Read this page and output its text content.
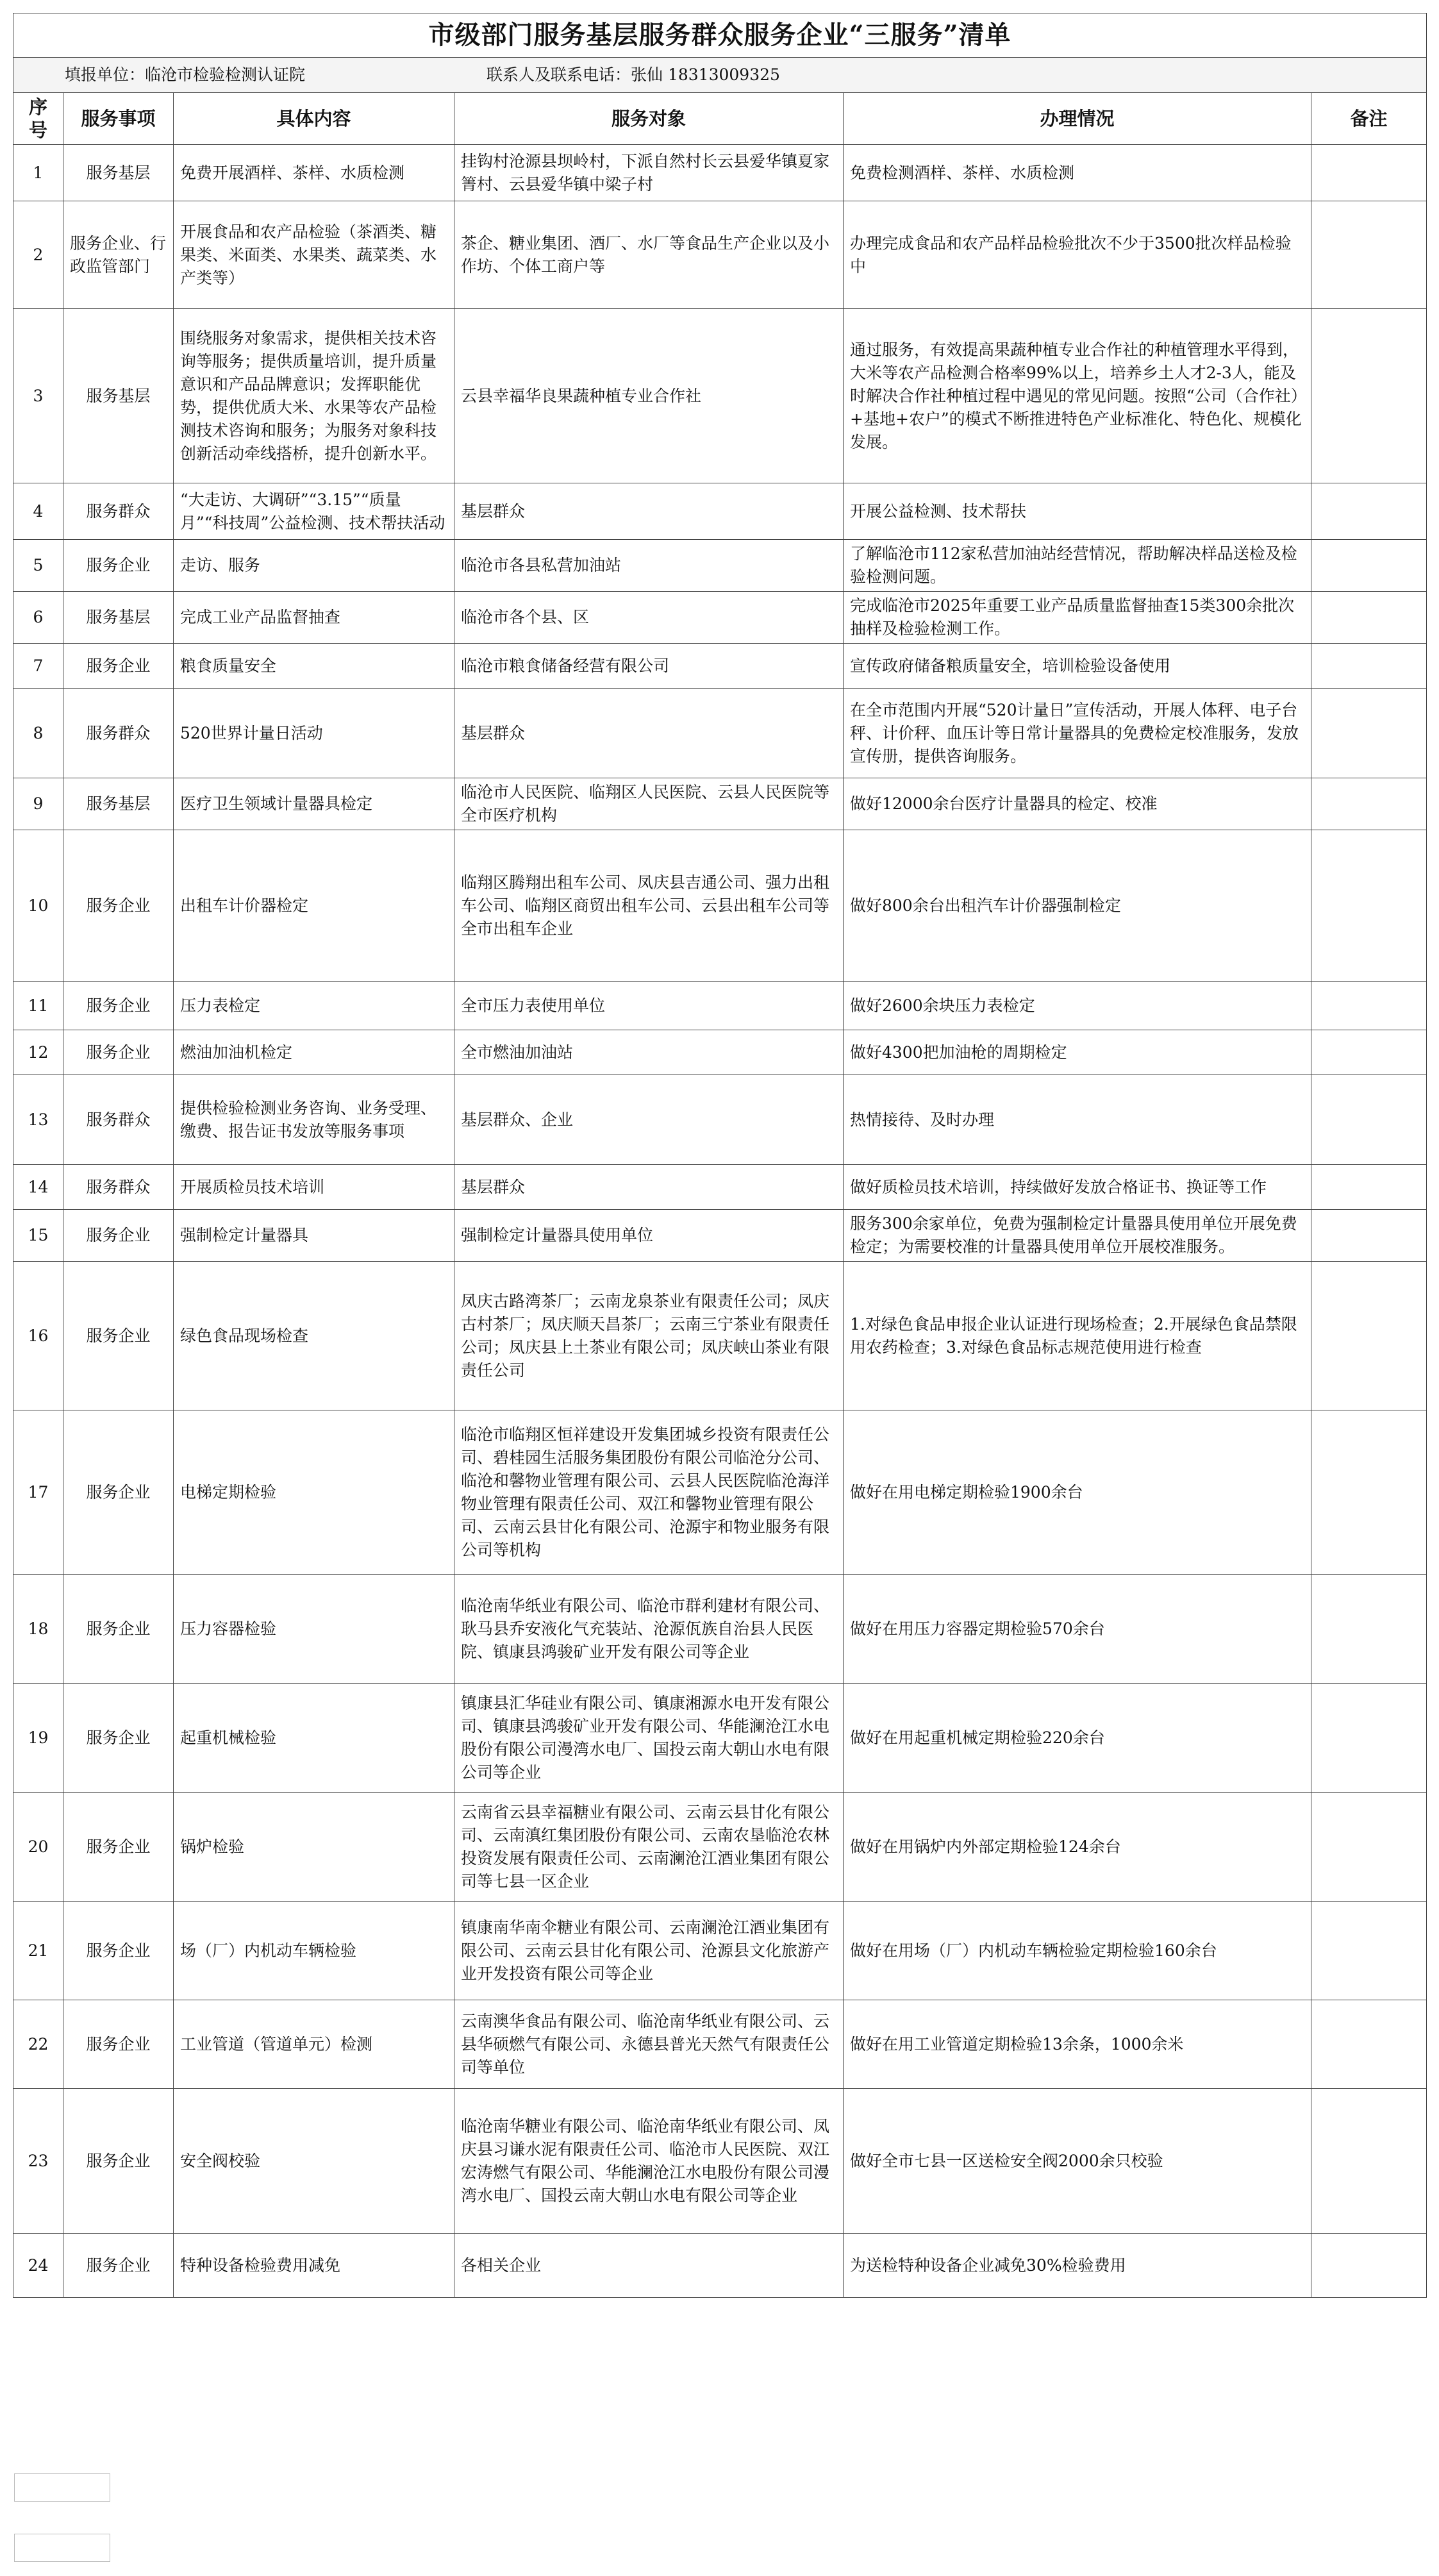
市级部门服务基层服务群众服务企业“三服务”清单					

填报单位：临沧市检验检测认证院 联系人及联系电话：张仙 18313009325					

序号	服务事项	具体内容	服务对象	办理情况	备注
1	服务基层	免费开展酒样、茶样、水质检测	挂钩村沧源县坝岭村，下派自然村长云县爱华镇夏家箐村、云县爱华镇中梁子村	免费检测酒样、茶样、水质检测	
2	服务企业、行政监管部门	开展食品和农产品检验（茶酒类、糖果类、米面类、水果类、蔬菜类、水产类等）	茶企、糖业集团、酒厂、水厂等食品生产企业以及小作坊、个体工商户等	办理完成食品和农产品样品检验批次不少于3500批次样品检验中	
3	服务基层	围绕服务对象需求，提供相关技术咨询等服务；提供质量培训，提升质量意识和产品品牌意识；发挥职能优势，提供优质大米、水果等农产品检测技术咨询和服务；为服务对象科技创新活动牵线搭桥，提升创新水平。	云县幸福华良果蔬种植专业合作社	通过服务，有效提高果蔬种植专业合作社的种植管理水平得到，大米等农产品检测合格率99%以上，培养乡土人才2-3人，能及时解决合作社种植过程中遇见的常见问题。按照“公司（合作社）+基地+农户”的模式不断推进特色产业标准化、特色化、规模化发展。	
4	服务群众	“大走访、大调研”“3.15”“质量月”“科技周”公益检测、技术帮扶活动	基层群众	开展公益检测、技术帮扶	
5	服务企业	走访、服务	临沧市各县私营加油站	了解临沧市112家私营加油站经营情况，帮助解决样品送检及检验检测问题。	
6	服务基层	完成工业产品监督抽查	临沧市各个县、区	完成临沧市2025年重要工业产品质量监督抽查15类300余批次抽样及检验检测工作。	
7	服务企业	粮食质量安全	临沧市粮食储备经营有限公司	宣传政府储备粮质量安全，培训检验设备使用	
8	服务群众	520世界计量日活动	基层群众	在全市范围内开展“520计量日”宣传活动，开展人体秤、电子台秤、计价秤、血压计等日常计量器具的免费检定校准服务，发放宣传册，提供咨询服务。	
9	服务基层	医疗卫生领域计量器具检定	临沧市人民医院、临翔区人民医院、云县人民医院等全市医疗机构	做好12000余台医疗计量器具的检定、校准	
10	服务企业	出租车计价器检定	临翔区腾翔出租车公司、凤庆县吉通公司、强力出租车公司、临翔区商贸出租车公司、云县出租车公司等全市出租车企业	做好800余台出租汽车计价器强制检定	
11	服务企业	压力表检定	全市压力表使用单位	做好2600余块压力表检定	
12	服务企业	燃油加油机检定	全市燃油加油站	做好4300把加油枪的周期检定	
13	服务群众	提供检验检测业务咨询、业务受理、缴费、报告证书发放等服务事项	基层群众、企业	热情接待、及时办理	
14	服务群众	开展质检员技术培训	基层群众	做好质检员技术培训，持续做好发放合格证书、换证等工作	
15	服务企业	强制检定计量器具	强制检定计量器具使用单位	服务300余家单位，免费为强制检定计量器具使用单位开展免费检定；为需要校准的计量器具使用单位开展校准服务。	
16	服务企业	绿色食品现场检查	凤庆古路湾茶厂；云南龙泉茶业有限责任公司；凤庆古村茶厂；凤庆顺天昌茶厂；云南三宁茶业有限责任公司；凤庆县上土茶业有限公司；凤庆峡山茶业有限责任公司	1.对绿色食品申报企业认证进行现场检查；2.开展绿色食品禁限用农药检查；3.对绿色食品标志规范使用进行检查	
17	服务企业	电梯定期检验	临沧市临翔区恒祥建设开发集团城乡投资有限责任公司、碧桂园生活服务集团股份有限公司临沧分公司、临沧和馨物业管理有限公司、云县人民医院临沧海洋物业管理有限责任公司、双江和馨物业管理有限公司、云南云县甘化有限公司、沧源宇和物业服务有限公司等机构	做好在用电梯定期检验1900余台	
18	服务企业	压力容器检验	临沧南华纸业有限公司、临沧市群利建材有限公司、耿马县乔安液化气充装站、沧源佤族自治县人民医院、镇康县鸿骏矿业开发有限公司等企业	做好在用压力容器定期检验570余台	
19	服务企业	起重机械检验	镇康县汇华硅业有限公司、镇康湘源水电开发有限公司、镇康县鸿骏矿业开发有限公司、华能澜沧江水电股份有限公司漫湾水电厂、国投云南大朝山水电有限公司等企业	做好在用起重机械定期检验220余台	
20	服务企业	锅炉检验	云南省云县幸福糖业有限公司、云南云县甘化有限公司、云南滇红集团股份有限公司、云南农垦临沧农林投资发展有限责任公司、云南澜沧江酒业集团有限公司等七县一区企业	做好在用锅炉内外部定期检验124余台	
21	服务企业	场（厂）内机动车辆检验	镇康南华南伞糖业有限公司、云南澜沧江酒业集团有限公司、云南云县甘化有限公司、沧源县文化旅游产业开发投资有限公司等企业	做好在用场（厂）内机动车辆检验定期检验160余台	
22	服务企业	工业管道（管道单元）检测	云南澳华食品有限公司、临沧南华纸业有限公司、云县华硕燃气有限公司、永德县普光天然气有限责任公司等单位	做好在用工业管道定期检验13余条，1000余米	
23	服务企业	安全阀校验	临沧南华糖业有限公司、临沧南华纸业有限公司、凤庆县习谦水泥有限责任公司、临沧市人民医院、双江宏涛燃气有限公司、华能澜沧江水电股份有限公司漫湾水电厂、国投云南大朝山水电有限公司等企业	做好全市七县一区送检安全阀2000余只校验	
24	服务企业	特种设备检验费用减免	各相关企业	为送检特种设备企业减免30%检验费用	
